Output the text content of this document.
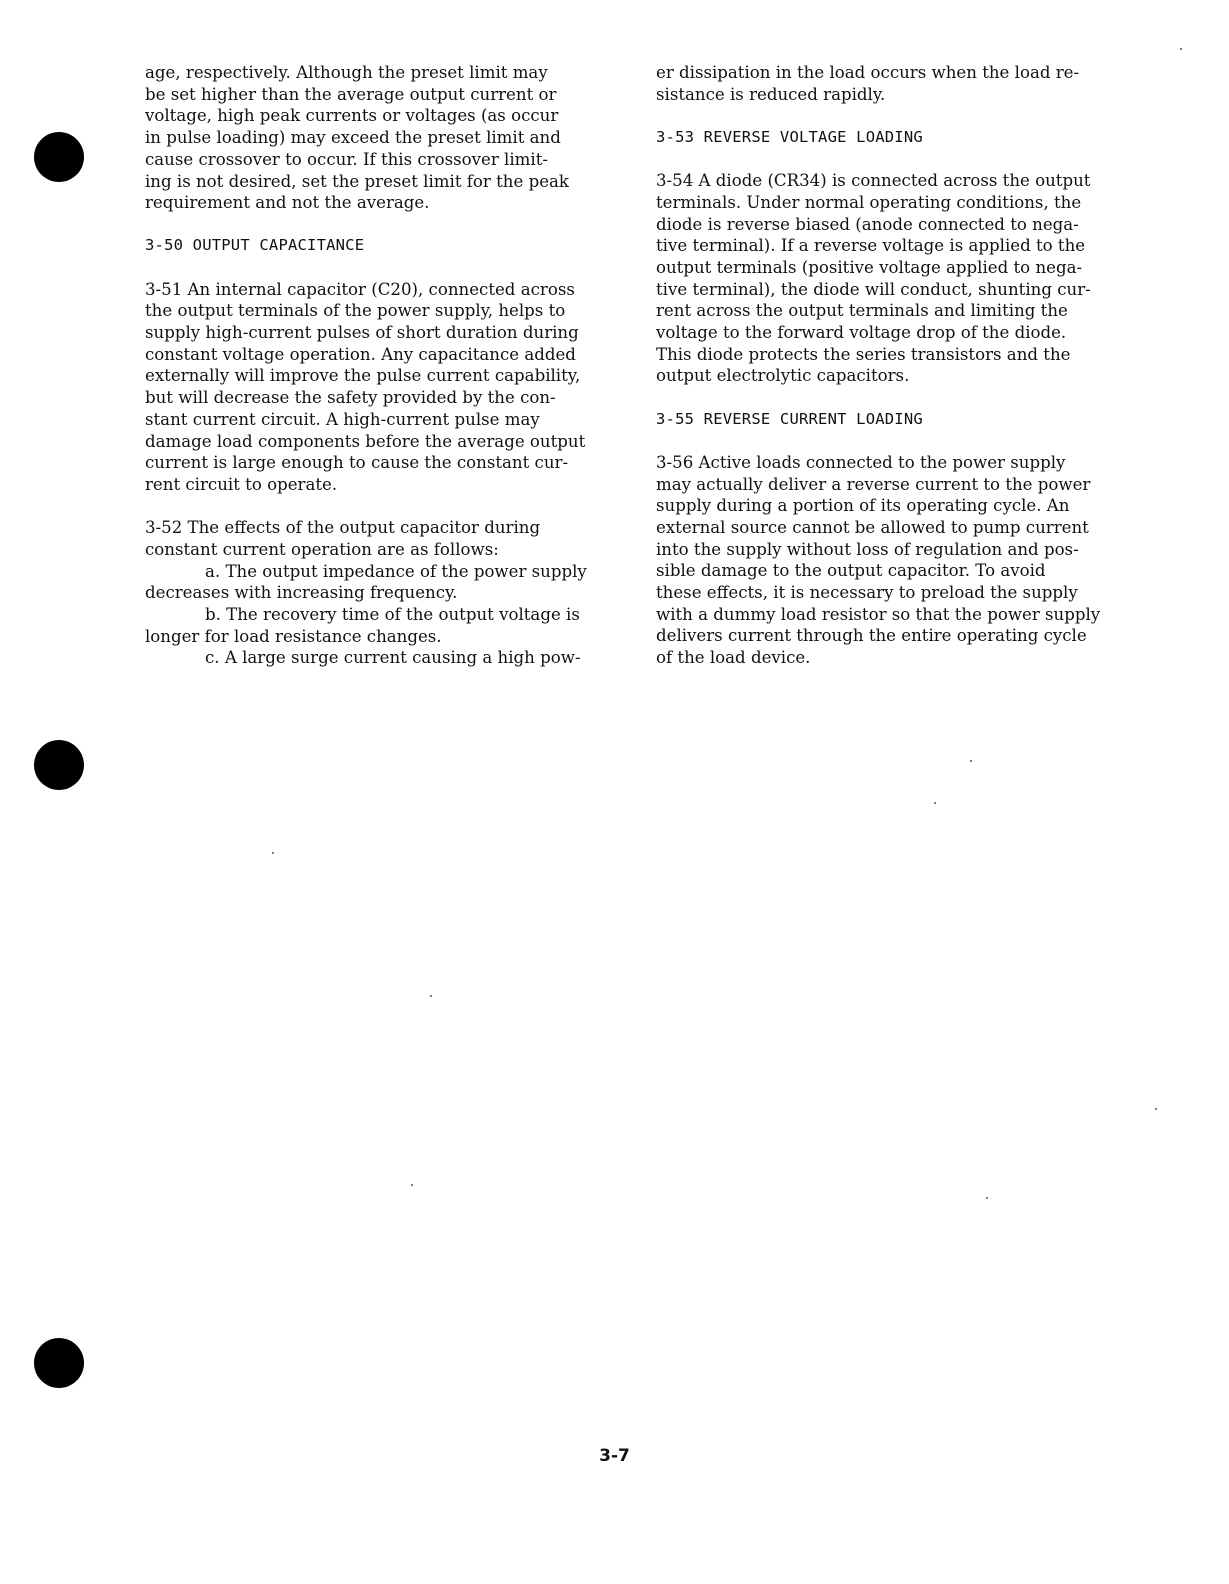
age, respectively. Although the preset limit may
be set higher than the average output current or
voltage, high peak currents or voltages (as occur
in pulse loading) may exceed the preset limit and
cause crossover to occur. If this crossover limit-
ing is not desired, set the preset limit for the peak
requirement and not the average.
3-50 OUTPUT CAPACITANCE
3-51 An internal capacitor (C20), connected across
the output terminals of the power supply, helps to
supply high-current pulses of short duration during
constant voltage operation. Any capacitance added
externally will improve the pulse current capability,
but will decrease the safety provided by the con-
stant current circuit. A high-current pulse may
damage load components before the average output
current is large enough to cause the constant cur-
rent circuit to operate.
3-52 The effects of the output capacitor during
constant current operation are as follows:
a. The output impedance of the power supply
decreases with increasing frequency.
b. The recovery time of the output voltage is
longer for load resistance changes.
c. A large surge current causing a high pow-
er dissipation in the load occurs when the load re-
sistance is reduced rapidly.
3-53 REVERSE VOLTAGE LOADING
3-54 A diode (CR34) is connected across the output
terminals. Under normal operating conditions, the
diode is reverse biased (anode connected to nega-
tive terminal). If a reverse voltage is applied to the
output terminals (positive voltage applied to nega-
tive terminal), the diode will conduct, shunting cur-
rent across the output terminals and limiting the
voltage to the forward voltage drop of the diode.
This diode protects the series transistors and the
output electrolytic capacitors.
3-55 REVERSE CURRENT LOADING
3-56 Active loads connected to the power supply
may actually deliver a reverse current to the power
supply during a portion of its operating cycle. An
external source cannot be allowed to pump current
into the supply without loss of regulation and pos-
sible damage to the output capacitor. To avoid
these effects, it is necessary to preload the supply
with a dummy load resistor so that the power supply
delivers current through the entire operating cycle
of the load device.
3-7
